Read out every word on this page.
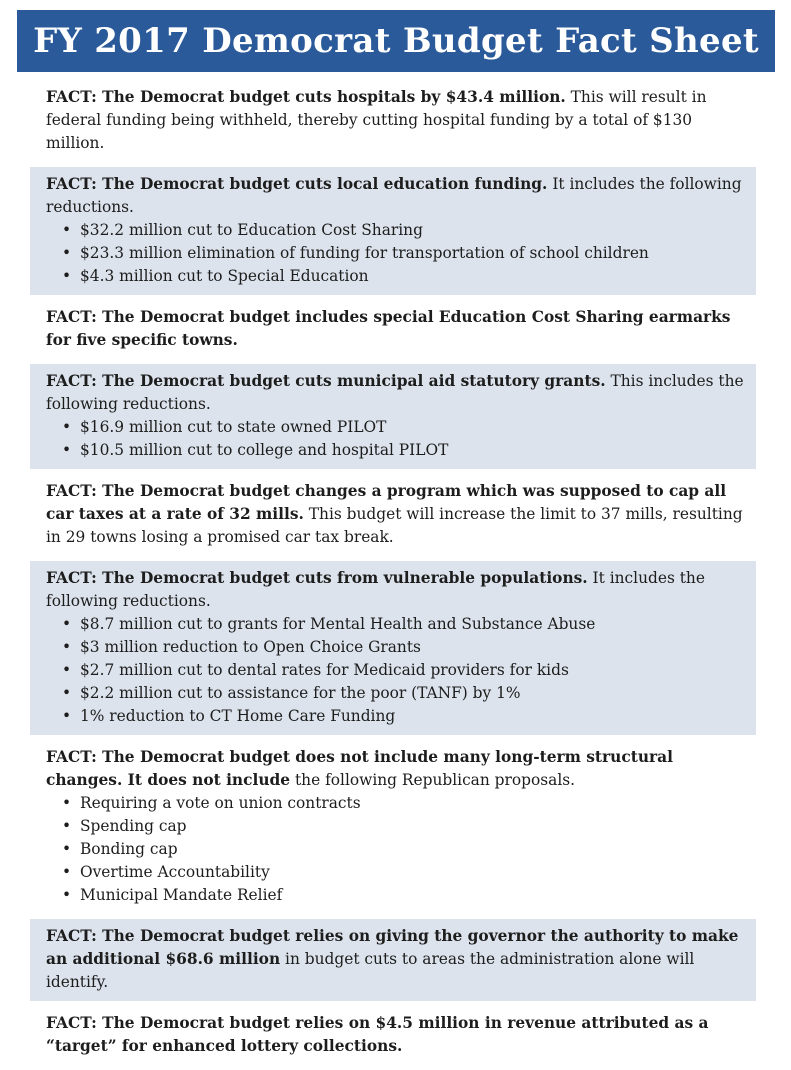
FY 2017 Democrat Budget Fact Sheet
FACT: The Democrat budget cuts hospitals by $43.4 million. This will result in federal funding being withheld, thereby cutting hospital funding by a total of $130 million.
FACT: The Democrat budget cuts local education funding. It includes the following reductions.
• $32.2 million cut to Education Cost Sharing
• $23.3 million elimination of funding for transportation of school children
• $4.3 million cut to Special Education
FACT: The Democrat budget includes special Education Cost Sharing earmarks for five specific towns.
FACT: The Democrat budget cuts municipal aid statutory grants. This includes the following reductions.
• $16.9 million cut to state owned PILOT
• $10.5 million cut to college and hospital PILOT
FACT: The Democrat budget changes a program which was supposed to cap all car taxes at a rate of 32 mills. This budget will increase the limit to 37 mills, resulting in 29 towns losing a promised car tax break.
FACT: The Democrat budget cuts from vulnerable populations. It includes the following reductions.
• $8.7 million cut to grants for Mental Health and Substance Abuse
• $3 million reduction to Open Choice Grants
• $2.7 million cut to dental rates for Medicaid providers for kids
• $2.2 million cut to assistance for the poor (TANF) by 1%
• 1% reduction to CT Home Care Funding
FACT: The Democrat budget does not include many long-term structural changes. It does not include the following Republican proposals.
• Requiring a vote on union contracts
• Spending cap
• Bonding cap
• Overtime Accountability
• Municipal Mandate Relief
FACT: The Democrat budget relies on giving the governor the authority to make an additional $68.6 million in budget cuts to areas the administration alone will identify.
FACT: The Democrat budget relies on $4.5 million in revenue attributed as a “target” for enhanced lottery collections.
